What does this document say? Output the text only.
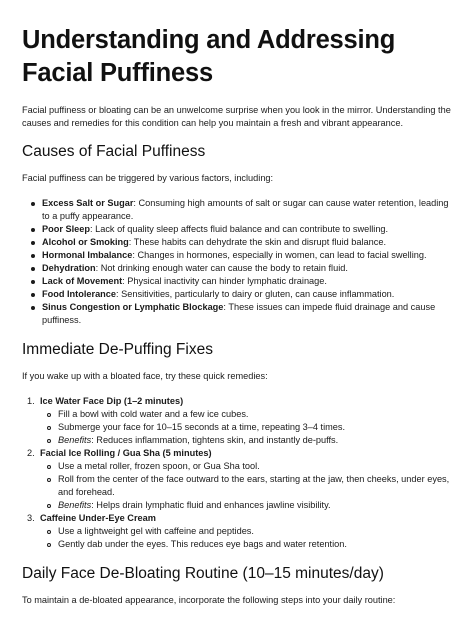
Understanding and Addressing Facial Puffiness

Facial puffiness or bloating can be an unwelcome surprise when you look in the mirror. Understanding the causes and remedies for this condition can help you maintain a fresh and vibrant appearance.

Causes of Facial Puffiness

Facial puffiness can be triggered by various factors, including:

Excess Salt or Sugar: Consuming high amounts of salt or sugar can cause water retention, leading to a puffy appearance.
Poor Sleep: Lack of quality sleep affects fluid balance and can contribute to swelling.
Alcohol or Smoking: These habits can dehydrate the skin and disrupt fluid balance.
Hormonal Imbalance: Changes in hormones, especially in women, can lead to facial swelling.
Dehydration: Not drinking enough water can cause the body to retain fluid.
Lack of Movement: Physical inactivity can hinder lymphatic drainage.
Food Intolerance: Sensitivities, particularly to dairy or gluten, can cause inflammation.
Sinus Congestion or Lymphatic Blockage: These issues can impede fluid drainage and cause puffiness.
Immediate De-Puffing Fixes

If you wake up with a bloated face, try these quick remedies:

1. Ice Water Face Dip (1–2 minutes)
Fill a bowl with cold water and a few ice cubes.
Submerge your face for 10–15 seconds at a time, repeating 3–4 times.
Benefits: Reduces inflammation, tightens skin, and instantly de-puffs.
2. Facial Ice Rolling / Gua Sha (5 minutes)
Use a metal roller, frozen spoon, or Gua Sha tool.
Roll from the center of the face outward to the ears, starting at the jaw, then cheeks, under eyes, and forehead.
Benefits: Helps drain lymphatic fluid and enhances jawline visibility.
3. Caffeine Under-Eye Cream
Use a lightweight gel with caffeine and peptides.
Gently dab under the eyes. This reduces eye bags and water retention.
Daily Face De-Bloating Routine (10–15 minutes/day)

To maintain a de-bloated appearance, incorporate the following steps into your daily routine:
